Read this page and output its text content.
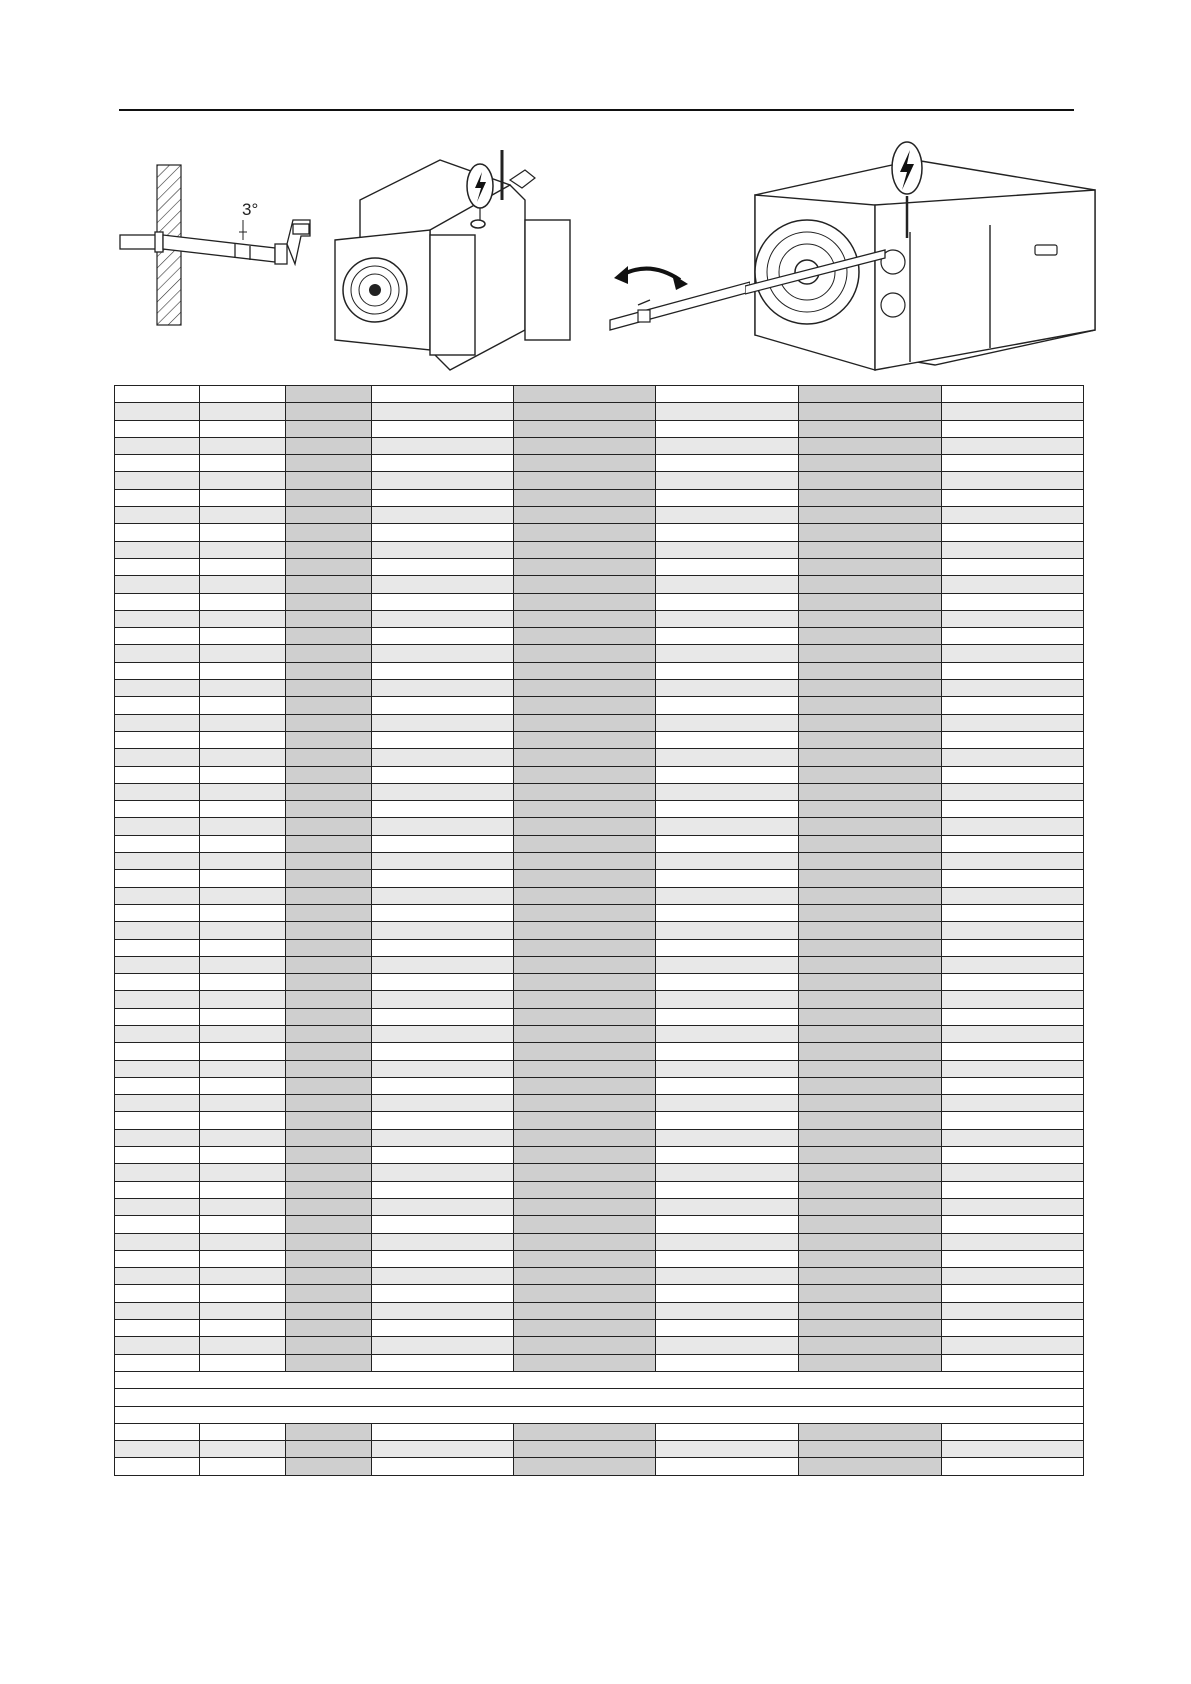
3°
